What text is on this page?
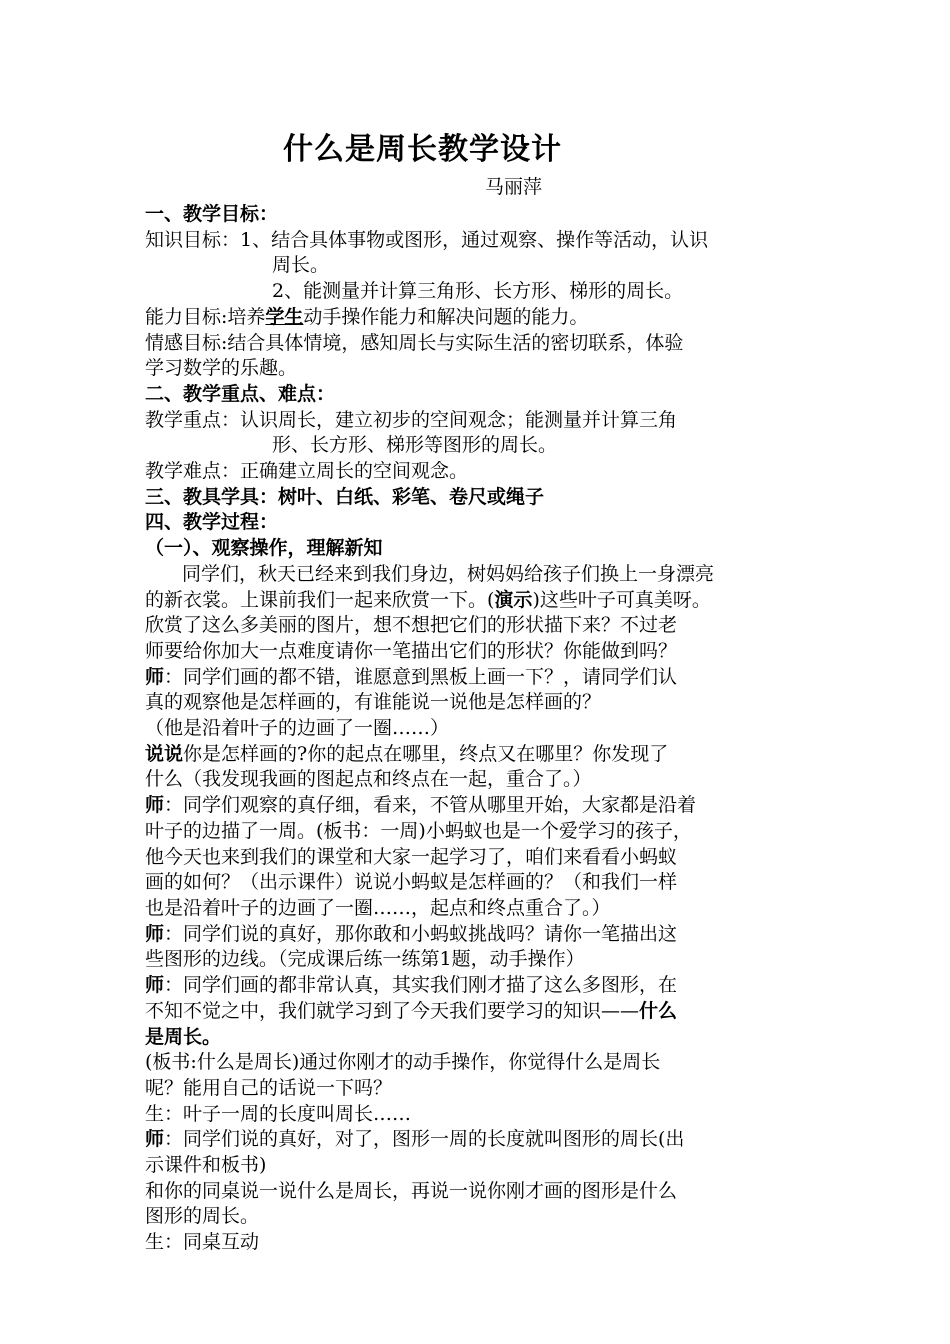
什么是周长教学设计
马丽萍
一、教学目标：
知识目标：1、结合具体事物或图形，通过观察、操作等活动，认识
周长。
2、能测量并计算三角形、长方形、梯形的周长。
能力目标:培养学生动手操作能力和解决问题的能力。
情感目标:结合具体情境，感知周长与实际生活的密切联系，体验
学习数学的乐趣。
二、教学重点、难点：
教学重点：认识周长，建立初步的空间观念；能测量并计算三角
形、长方形、梯形等图形的周长。
教学难点：正确建立周长的空间观念。
三、教具学具：树叶、白纸、彩笔、卷尺或绳子
四、教学过程：
（一）、观察操作，理解新知
同学们，秋天已经来到我们身边，树妈妈给孩子们换上一身漂亮
的新衣裳。上课前我们一起来欣赏一下。(演示)这些叶子可真美呀。
欣赏了这么多美丽的图片，想不想把它们的形状描下来？不过老
师要给你加大一点难度请你一笔描出它们的形状？你能做到吗？
师：同学们画的都不错，谁愿意到黑板上画一下？，请同学们认
真的观察他是怎样画的，有谁能说一说他是怎样画的？
（他是沿着叶子的边画了一圈……）
说说你是怎样画的?你的起点在哪里，终点又在哪里？你发现了
什么（我发现我画的图起点和终点在一起，重合了。）
师：同学们观察的真仔细，看来，不管从哪里开始，大家都是沿着
叶子的边描了一周。(板书：一周)小蚂蚁也是一个爱学习的孩子，
他今天也来到我们的课堂和大家一起学习了，咱们来看看小蚂蚁
画的如何？（出示课件）说说小蚂蚁是怎样画的？（和我们一样
也是沿着叶子的边画了一圈……，起点和终点重合了。）
师：同学们说的真好，那你敢和小蚂蚁挑战吗？请你一笔描出这
些图形的边线。（完成课后练一练第1题，动手操作）
师：同学们画的都非常认真，其实我们刚才描了这么多图形，在
不知不觉之中，我们就学习到了今天我们要学习的知识——什么
是周长。
(板书:什么是周长)通过你刚才的动手操作，你觉得什么是周长
呢？能用自己的话说一下吗？
生：叶子一周的长度叫周长……
师：同学们说的真好，对了，图形一周的长度就叫图形的周长(出
示课件和板书)
和你的同桌说一说什么是周长，再说一说你刚才画的图形是什么
图形的周长。
生：同桌互动
